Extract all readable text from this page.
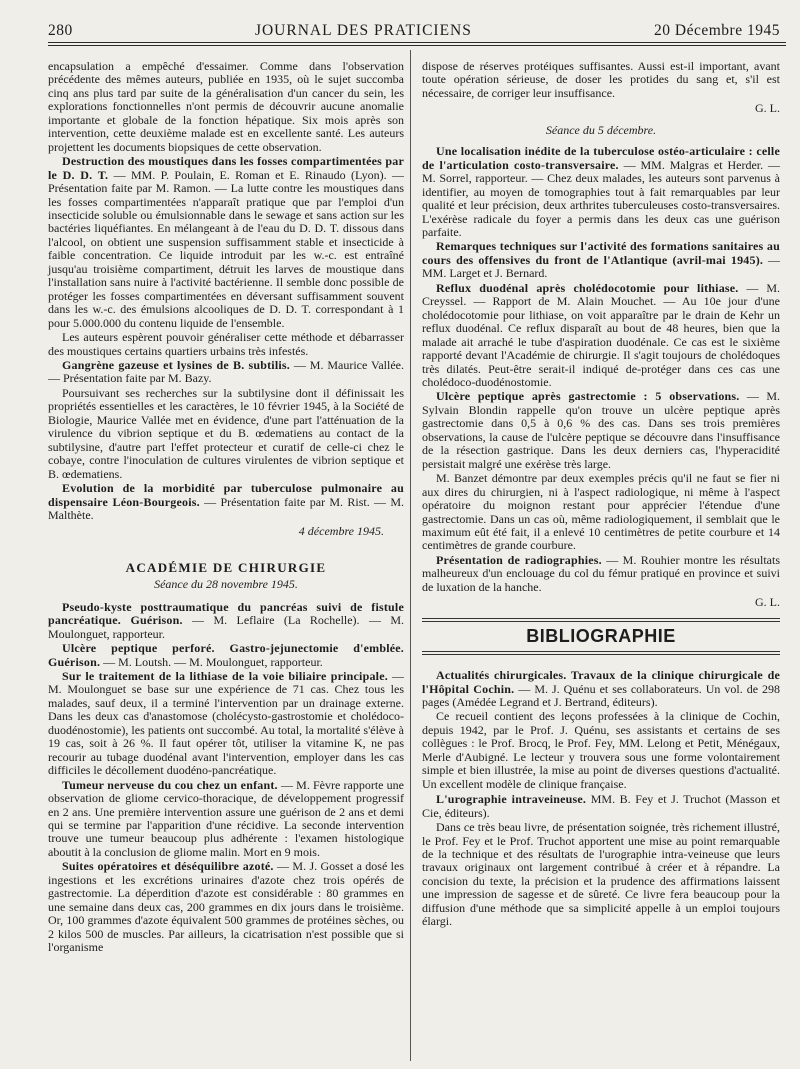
280	JOURNAL DES PRATICIENS	20 Décembre 1945

encapsulation a empêché d'essaimer. Comme dans l'observation précédente des mêmes auteurs, publiée en 1935, où le sujet succomba cinq ans plus tard par suite de la généralisation d'un cancer du sein, les explorations fonctionnelles n'ont permis de découvrir aucune anomalie importante et globale de la fonction hépatique. Six mois après son intervention, cette deuxième malade est en excellente santé. Les auteurs projettent les documents biopsiques de cette observation.

Destruction des moustiques dans les fosses compartimentées par le D. D. T. — MM. P. Poulain, E. Roman et E. Rinaudo (Lyon). — Présentation faite par M. Ramon. — La lutte contre les moustiques dans les fosses compartimentées n'apparaît pratique que par l'emploi d'un insecticide soluble ou émulsionnable dans le sewage et sans action sur les bactéries liquéfiantes. En mélangeant à de l'eau du D. D. T. dissous dans l'alcool, on obtient une suspension suffisamment stable et insecticide à faible concentration. Ce liquide introduit par les w.-c. est entraîné jusqu'au troisième compartiment, détruit les larves de moustique dans l'installation sans nuire à l'activité bactérienne. Il semble donc possible de protéger les fosses compartimentées en déversant suffisamment souvent dans les w.-c. des émulsions alcooliques de D. D. T. correspondant à 1 pour 5.000.000 du contenu liquide de l'ensemble.

Les auteurs espèrent pouvoir généraliser cette méthode et débarrasser des moustiques certains quartiers urbains très infestés.

Gangrène gazeuse et lysines de B. subtilis. — M. Maurice Vallée. — Présentation faite par M. Bazy.

Poursuivant ses recherches sur la subtilysine dont il définissait les propriétés essentielles et les caractères, le 10 février 1945, à la Société de Biologie, Maurice Vallée met en évidence, d'une part l'atténuation de la virulence du vibrion septique et du B. œdematiens au contact de la subtilysine, d'autre part l'effet protecteur et curatif de celle-ci chez le cobaye, contre l'inoculation de cultures virulentes de vibrion septique et B. œdematiens.

Evolution de la morbidité par tuberculose pulmonaire au dispensaire Léon-Bourgeois. — Présentation faite par M. Rist. — M. Malthète.

4 décembre 1945.
ACADÉMIE DE CHIRURGIE
Séance du 28 novembre 1945.

Pseudo-kyste posttraumatique du pancréas suivi de fistule pancréatique. Guérison. — M. Leflaire (La Rochelle). — M. Moulonguet, rapporteur.

Ulcère peptique perforé. Gastro-jejunectomie d'emblée. Guérison. — M. Loutsh. — M. Moulonguet, rapporteur.

Sur le traitement de la lithiase de la voie biliaire principale. — M. Moulonguet se base sur une expérience de 71 cas. Chez tous les malades, sauf deux, il a terminé l'intervention par un drainage externe. Dans les deux cas d'anastomose (cholécysto-gastrostomie et cholédoco-duodénostomie), les patients ont succombé. Au total, la mortalité s'élève à 19 cas, soit à 26 %. Il faut opérer tôt, utiliser la vitamine K, ne pas recourir au tubage duodénal avant l'intervention, employer dans les cas difficiles le décollement duodéno-pancréatique.

Tumeur nerveuse du cou chez un enfant. — M. Fèvre rapporte une observation de gliome cervico-thoracique, de développement progressif en 2 ans. Une première intervention assure une guérison de 2 ans et demi qui se termine par l'apparition d'une récidive. La seconde intervention trouve une tumeur beaucoup plus adhérente : l'examen histologique aboutit à la conclusion de gliome malin. Mort en 9 mois.

Suites opératoires et déséquilibre azoté. — M. J. Gosset a dosé les ingestions et les excrétions urinaires d'azote chez trois opérés de gastrectomie. La déperdition d'azote est considérable : 80 grammes en une semaine dans deux cas, 200 grammes en dix jours dans le troisième. Or, 100 grammes d'azote équivalent 500 grammes de protéines sèches, ou 2 kilos 500 de muscles. Par ailleurs, la cicatrisation n'est possible que si l'organisme

dispose de réserves protéiques suffisantes. Aussi est-il important, avant toute opération sérieuse, de doser les protides du sang et, s'il est nécessaire, de corriger leur insuffisance.

G. L.

Séance du 5 décembre.

Une localisation inédite de la tuberculose ostéo-articulaire : celle de l'articulation costo-transversaire. — MM. Malgras et Herder. — M. Sorrel, rapporteur. — Chez deux malades, les auteurs sont parvenus à identifier, au moyen de tomographies tout à fait remarquables par leur qualité et leur précision, deux arthrites tuberculeuses costo-transversaires. L'exérèse radicale du foyer a permis dans les deux cas une guérison parfaite.

Remarques techniques sur l'activité des formations sanitaires au cours des offensives du front de l'Atlantique (avril-mai 1945). — MM. Larget et J. Bernard.

Reflux duodénal après cholédocotomie pour lithiase. — M. Creyssel. — Rapport de M. Alain Mouchet. — Au 10e jour d'une cholédocotomie pour lithiase, on voit apparaître par le drain de Kehr un reflux duodénal. Ce reflux disparaît au bout de 48 heures, bien que la malade ait arraché le tube d'aspiration duodénale. Ce cas est le sixième rapporté devant l'Académie de chirurgie. Il s'agit toujours de cholédoques très dilatés. Peut-être serait-il indiqué de-protéger dans ces cas une cholédoco-duodénostomie.

Ulcère peptique après gastrectomie : 5 observations. — M. Sylvain Blondin rappelle qu'on trouve un ulcère peptique après gastrectomie dans 0,5 à 0,6 % des cas. Dans ses trois premières observations, la cause de l'ulcère peptique se découvre dans l'insuffisance de la résection gastrique. Dans les deux derniers cas, l'hyperacidité persistait malgré une exérèse très large.

M. Banzet démontre par deux exemples précis qu'il ne faut se fier ni aux dires du chirurgien, ni à l'aspect radiologique, ni même à l'aspect opératoire du moignon restant pour apprécier l'étendue d'une gastrectomie. Dans un cas où, même radiologiquement, il semblait que le maximum eût été fait, il a enlevé 10 centimètres de petite courbure et 14 centimètres de grande courbure.

Présentation de radiographies. — M. Rouhier montre les résultats malheureux d'un enclouage du col du fémur pratiqué en province et suivi de luxation de la hanche.

G. L.

BIBLIOGRAPHIE

Actualités chirurgicales. Travaux de la clinique chirurgicale de l'Hôpital Cochin. — M. J. Quénu et ses collaborateurs. Un vol. de 298 pages (Amédée Legrand et J. Bertrand, éditeurs).

Ce recueil contient des leçons professées à la clinique de Cochin, depuis 1942, par le Prof. J. Quénu, ses assistants et certains de ses collègues : le Prof. Brocq, le Prof. Fey, MM. Lelong et Petit, Ménégaux, Merle d'Aubigné. Le lecteur y trouvera sous une forme volontairement simple et bien illustrée, la mise au point de diverses questions d'actualité. Un excellent modèle de clinique française.

L'urographie intraveineuse. MM. B. Fey et J. Truchot (Masson et Cie, éditeurs).

Dans ce très beau livre, de présentation soignée, très richement illustré, le Prof. Fey et le Prof. Truchot apportent une mise au point remarquable de la technique et des résultats de l'urographie intra-veineuse que leurs travaux originaux ont largement contribué à créer et à répandre. La concision du texte, la précision et la prudence des affirmations laissent une impression de sagesse et de sûreté. Ce livre fera beaucoup pour la diffusion d'une méthode que sa simplicité appelle à un emploi toujours élargi.
